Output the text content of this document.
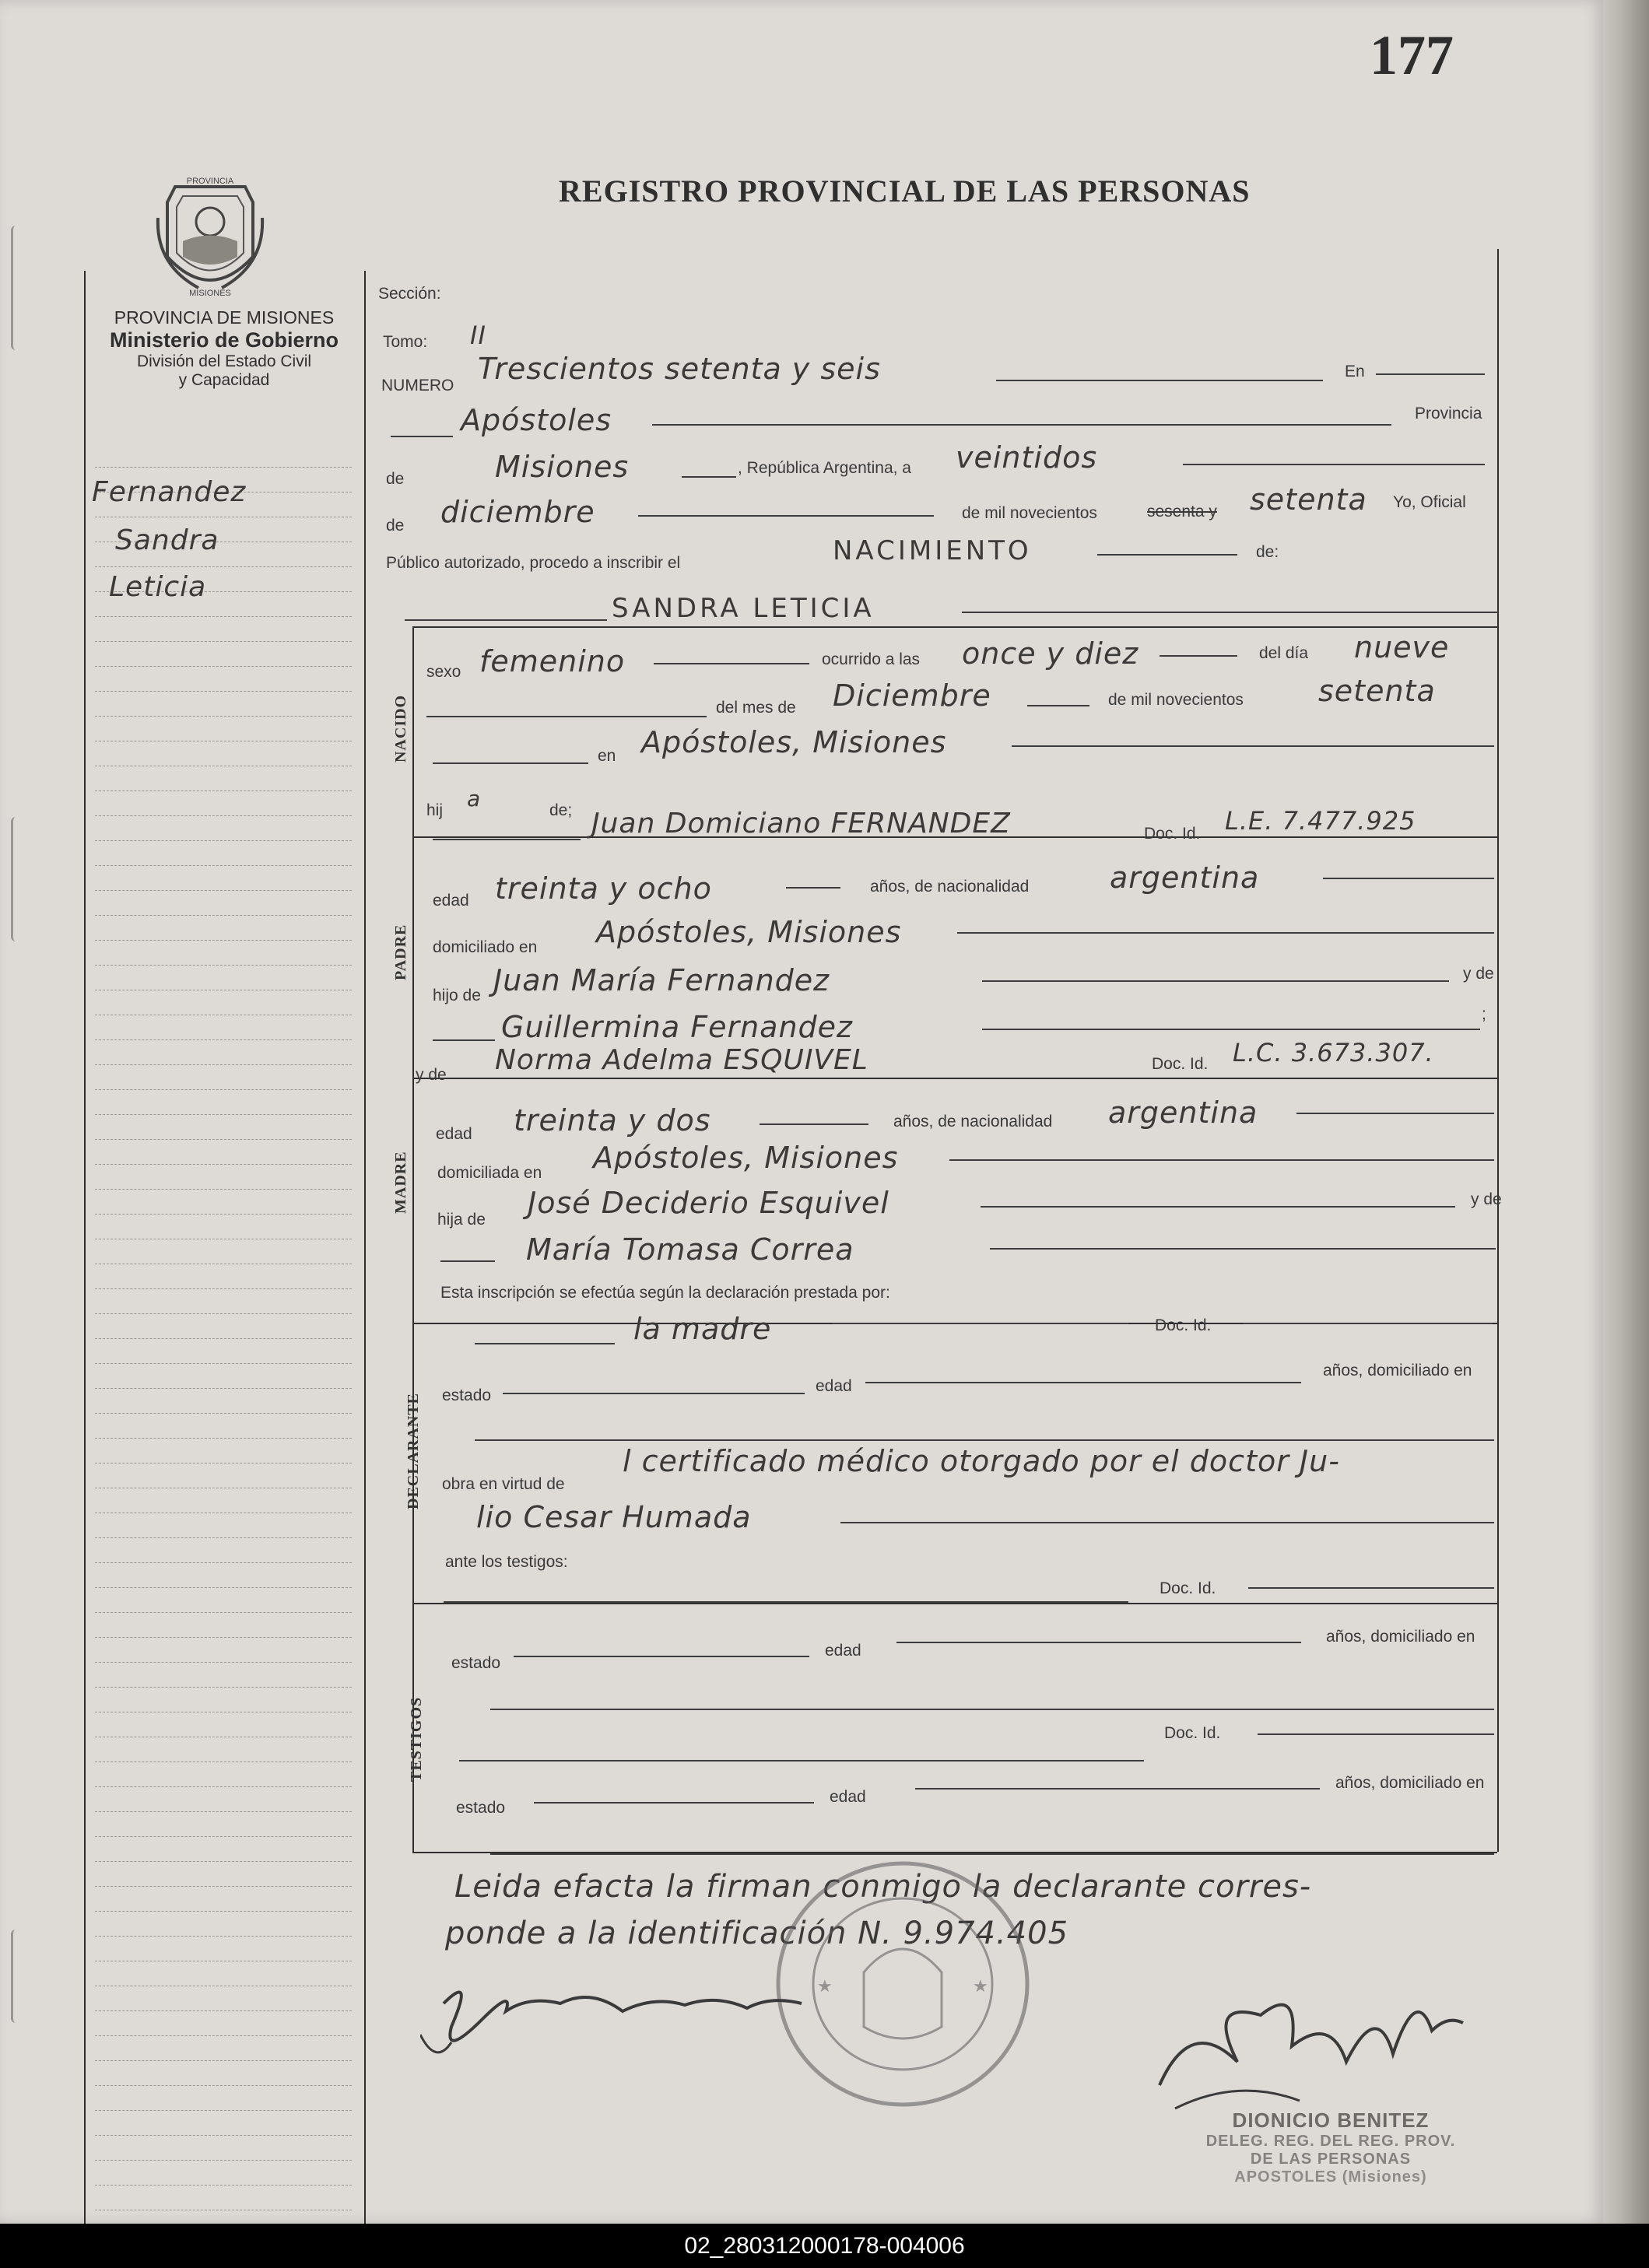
177
REGISTRO PROVINCIAL DE LAS PERSONAS
PROVINCIA
MISIONES
PROVINCIA DE MISIONES
Ministerio de Gobierno
División del Estado Civil
y Capacidad
Fernandez
Sandra
Leticia
Sección:
Tomo: II
NUMERO Trescientos setenta y seis	En
Apóstoles	Provincia
de	Misiones	, República Argentina, a veintidos
de diciembre	de mil novecientos	sesenta y setenta Yo, Oficial
Público autorizado, procedo a inscribir el	NACIMIENTO	de:
SANDRA LETICIA
NACIDO
sexo femenino	ocurrido a las once y diez	del día nueve
del mes de Diciembre	de mil novecientos	setenta
en Apóstoles, Misiones
hij a	de;
PADRE
Juan Domiciano FERNANDEZ	Doc. Id. L.E. 7.477.925
edad treinta y ocho	años, de nacionalidad	argentina
domiciliado en Apóstoles, Misiones
hijo de Juan María Fernandez	y de
Guillermina Fernandez	;
MADRE
y de Norma Adelma ESQUIVEL	Doc. Id. L.C. 3.673.307.
edad treinta y dos	años, de nacionalidad argentina
domiciliada en Apóstoles, Misiones
hija de José Deciderio Esquivel	y de
María Tomasa Correa
Esta inscripción se efectúa según la declaración prestada por:
DECLARANTE
la madre	Doc. Id.
estado
edad
años, domiciliado en
obra en virtud de
l certificado médico otorgado por el doctor Ju-
lio Cesar Humada
ante los testigos:
TESTIGOS
Doc. Id.
estado
edad
años, domiciliado en
Doc. Id.
estado
edad
años, domiciliado en
Leida efacta la firman conmigo la declarante corres-
ponde a la identificación N. 9.974.405
★	★
DIONICIO BENITEZ
DELEG. REG. DEL REG. PROV.
DE LAS PERSONAS
APOSTOLES (Misiones)
02_280312000178-004006
